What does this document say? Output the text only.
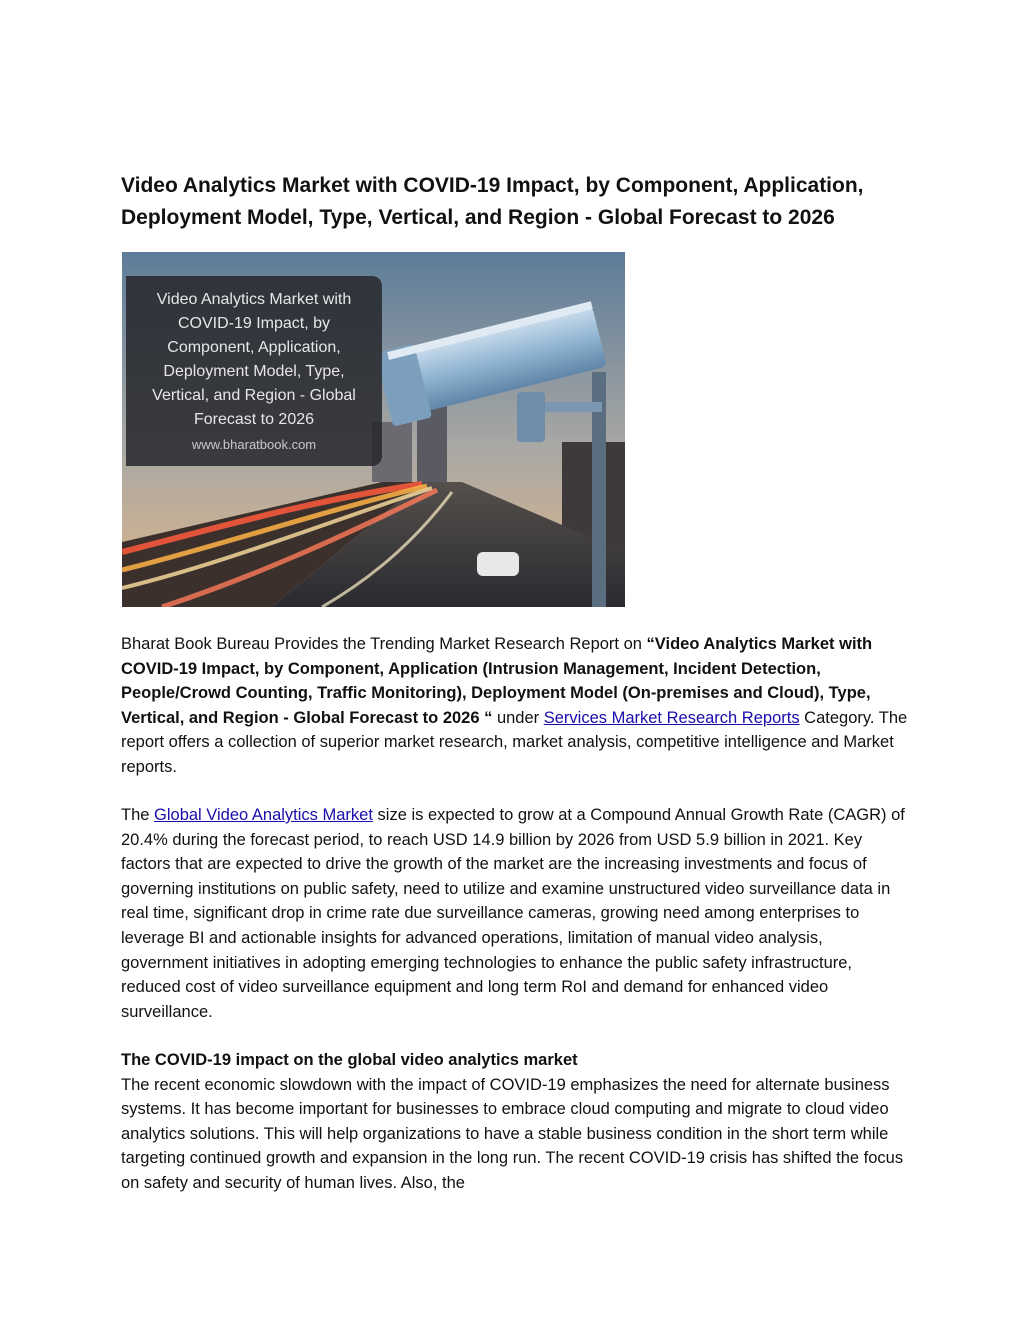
Video Analytics Market with COVID-19 Impact, by Component, Application, Deployment Model, Type, Vertical, and Region - Global Forecast to 2026
Video Analytics Market with
COVID-19 Impact, by
Component, Application,
Deployment Model, Type,
Vertical, and Region - Global
Forecast to 2026
www.bharatbook.com

Bharat Book Bureau Provides the Trending Market Research Report on “Video Analytics Market with COVID-19 Impact, by Component, Application (Intrusion Management, Incident Detection, People/Crowd Counting, Traffic Monitoring), Deployment Model (On-premises and Cloud), Type, Vertical, and Region - Global Forecast to 2026 “ under Services Market Research Reports Category. The report offers a collection of superior market research, market analysis, competitive intelligence and Market reports.

The Global Video Analytics Market size is expected to grow at a Compound Annual Growth Rate (CAGR) of 20.4% during the forecast period, to reach USD 14.9 billion by 2026 from USD 5.9 billion in 2021. Key factors that are expected to drive the growth of the market are the increasing investments and focus of governing institutions on public safety, need to utilize and examine unstructured video surveillance data in real time, significant drop in crime rate due surveillance cameras, growing need among enterprises to leverage BI and actionable insights for advanced operations, limitation of manual video analysis, government initiatives in adopting emerging technologies to enhance the public safety infrastructure, reduced cost of video surveillance equipment and long term RoI and demand for enhanced video surveillance.

The COVID-19 impact on the global video analytics market
The recent economic slowdown with the impact of COVID-19 emphasizes the need for alternate business systems. It has become important for businesses to embrace cloud computing and migrate to cloud video analytics solutions. This will help organizations to have a stable business condition in the short term while targeting continued growth and expansion in the long run. The recent COVID-19 crisis has shifted the focus on safety and security of human lives. Also, the
